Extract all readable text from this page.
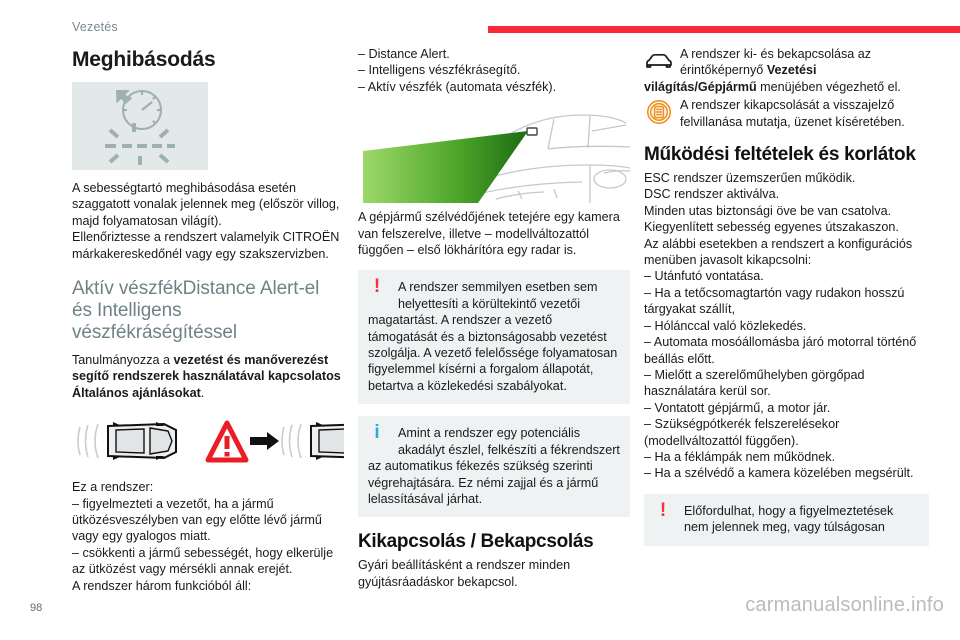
Vezetés
Meghibásodás

A sebességtartó meghibásodása esetén szaggatott vonalak jelennek meg (először villog, majd folyamatosan világít).

Ellenőriztesse a rendszert valamelyik CITROËN márkakereskedőnél vagy egy szakszervizben.

Aktív vészfékDistance Alert-el és Intelligens vészfékráségítéssel

Tanulmányozza a vezetést és manőverezést segítő rendszerek használatával kapcsolatos Általános ajánlásokat.

Ez a rendszer:

– figyelmezteti a vezetőt, ha a jármű ütközésveszélyben van egy előtte lévő jármű vagy egy gyalogos miatt.

– csökkenti a jármű sebességét, hogy elkerülje az ütközést vagy mérsékli annak erejét.

A rendszer három funkcióból áll:

– Distance Alert.

– Intelligens vészfékrásegítő.

– Aktív vészfék (automata vészfék).

A gépjármű szélvédőjének tetejére egy kamera van felszerelve, illetve – modellváltozattól függően – első lökhárítóra egy radar is.

!	A rendszer semmilyen esetben sem helyettesíti a körültekintő vezetői
magatartást. A rendszer a vezető támogatását és a biztonságosabb vezetést szolgálja. A vezető felelőssége folyamatosan figyelemmel kísérni a forgalom állapotát, betartva a közlekedési szabályokat.
i	Amint a rendszer egy potenciális akadályt észlel, felkészíti a fékrendszert
az automatikus fékezés szükség szerinti végrehajtására. Ez némi zajjal és a jármű lelassításával járhat.
Kikapcsolás / Bekapcsolás

Gyári beállításként a rendszer minden gyújtásráadáskor bekapcsol.

A rendszer ki- és bekapcsolása az érintőképernyő Vezetési
világítás/Gépjármű menüjében végezhető el.
A rendszer kikapcsolását a visszajelző felvillanása mutatja, üzenet kíséretében.
Működési feltételek és korlátok

ESC rendszer üzemszerűen működik.

DSC rendszer aktiválva.

Minden utas biztonsági öve be van csatolva.

Kiegyenlített sebesség egyenes útszakaszon.

Az alábbi esetekben a rendszert a konfigurációs menüben javasolt kikapcsolni:

– Utánfutó vontatása.

– Ha a tetőcsomagtartón vagy rudakon hosszú tárgyakat szállít,

– Hólánccal való közlekedés.

– Automata mosóállomásba járó motorral történő beállás előtt.

– Mielőtt a szerelőműhelyben görgőpad használatára kerül sor.

– Vontatott gépjármű, a motor jár.

– Szükségpótkerék felszerelésekor (modellváltozattól függően).

– Ha a féklámpák nem működnek.

– Ha a szélvédő a kamera közelében megsérült.

!	Előfordulhat, hogy a figyelmeztetések nem jelennek meg, vagy túlságosan
98	carmanualsonline.info
